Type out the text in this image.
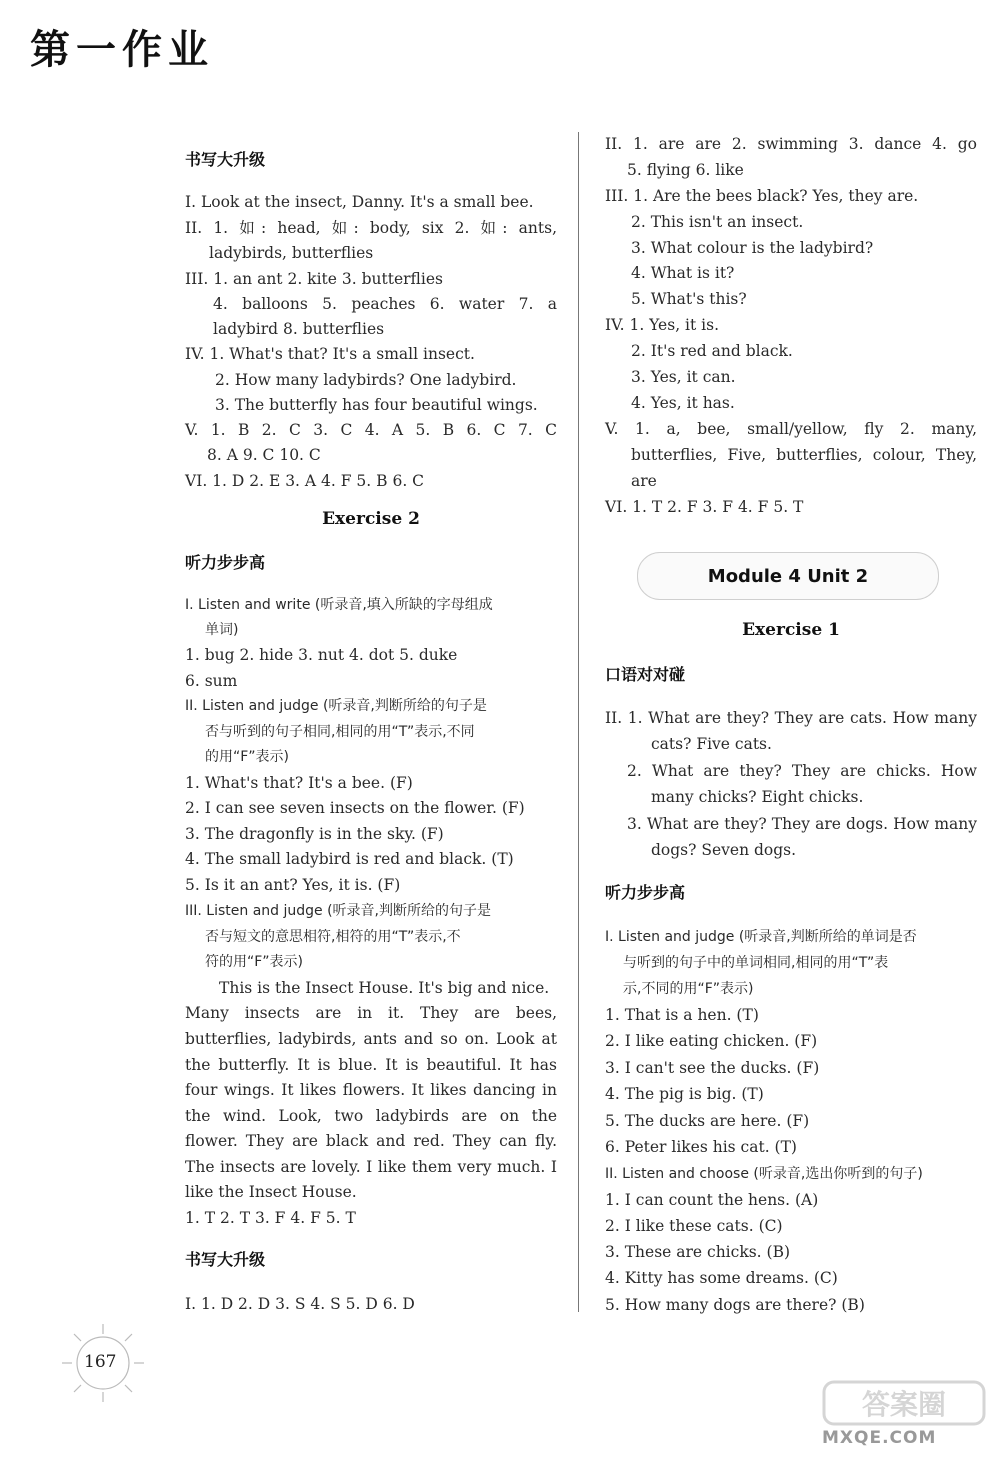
第一作业
书写大升级
I. Look at the insect, Danny. It's a small bee.
II. 1. 如: head, 如: body, six 2. 如: ants,
ladybirds, butterflies
III. 1. an ant 2. kite 3. butterflies
4. balloons 5. peaches 6. water 7. a
ladybird 8. butterflies
IV. 1. What's that? It's a small insect.
2. How many ladybirds? One ladybird.
3. The butterfly has four beautiful wings.
V. 1. B 2. C 3. C 4. A 5. B 6. C 7. C
8. A 9. C 10. C
VI. 1. D 2. E 3. A 4. F 5. B 6. C
Exercise 2
听力步步高
I. Listen and write (听录音,填入所缺的字母组成
单词)
1. bug 2. hide 3. nut 4. dot 5. duke
6. sum
II. Listen and judge (听录音,判断所给的句子是
否与听到的句子相同,相同的用“T”表示,不同
的用“F”表示)
1. What's that? It's a bee. (F)
2. I can see seven insects on the flower. (F)
3. The dragonfly is in the sky. (F)
4. The small ladybird is red and black. (T)
5. Is it an ant? Yes, it is. (F)
III. Listen and judge (听录音,判断所给的句子是
否与短文的意思相符,相符的用“T”表示,不
符的用“F”表示)
This is the Insect House. It's big and nice.
Many insects are in it. They are bees,
butterflies, ladybirds, ants and so on. Look at
the butterfly. It is blue. It is beautiful. It has
four wings. It likes flowers. It likes dancing in
the wind. Look, two ladybirds are on the
flower. They are black and red. They can fly.
The insects are lovely. I like them very much. I
like the Insect House.
1. T 2. T 3. F 4. F 5. T
书写大升级
I. 1. D 2. D 3. S 4. S 5. D 6. D
II. 1. are are 2. swimming 3. dance 4. go
5. flying 6. like
III. 1. Are the bees black? Yes, they are.
2. This isn't an insect.
3. What colour is the ladybird?
4. What is it?
5. What's this?
IV. 1. Yes, it is.
2. It's red and black.
3. Yes, it can.
4. Yes, it has.
V. 1. a, bee, small/yellow, fly 2. many,
butterflies, Five, butterflies, colour, They,
are
VI. 1. T 2. F 3. F 4. F 5. T
Module 4 Unit 2
Exercise 1
口语对对碰
II. 1. What are they? They are cats. How many
cats? Five cats.
2. What are they? They are chicks. How
many chicks? Eight chicks.
3. What are they? They are dogs. How many
dogs? Seven dogs.
听力步步高
I. Listen and judge (听录音,判断所给的单词是否
与听到的句子中的单词相同,相同的用“T”表
示,不同的用“F”表示)
1. That is a hen. (T)
2. I like eating chicken. (F)
3. I can't see the ducks. (F)
4. The pig is big. (T)
5. The ducks are here. (F)
6. Peter likes his cat. (T)
II. Listen and choose (听录音,选出你听到的句子)
1. I can count the hens. (A)
2. I like these cats. (C)
3. These are chicks. (B)
4. Kitty has some dreams. (C)
5. How many dogs are there? (B)
167
答案圈
MXQE.COM
